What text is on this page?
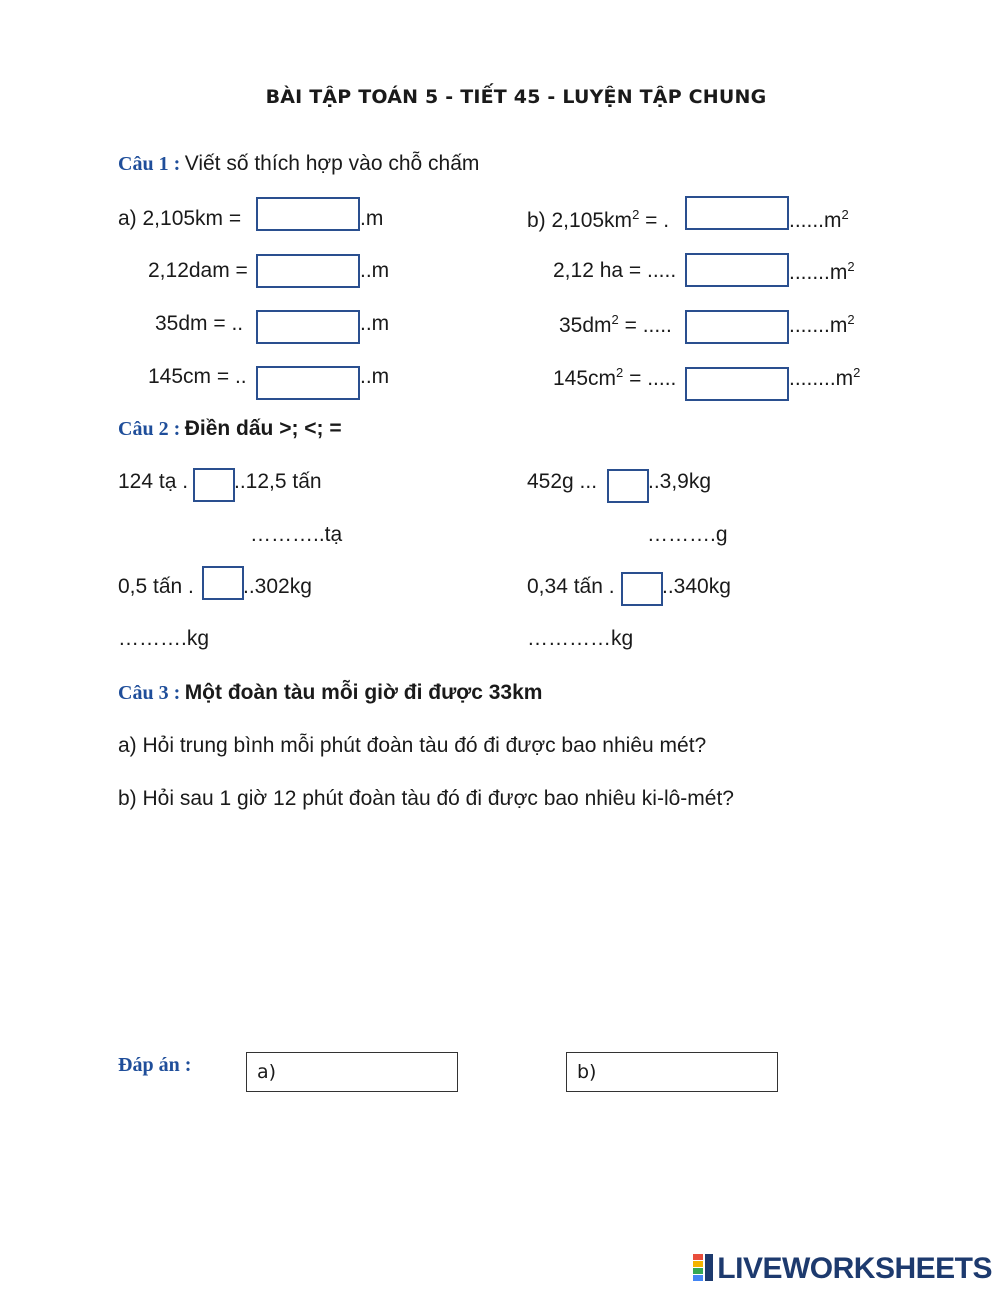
BÀI TẬP TOÁN 5 - TIẾT 45 - LUYỆN TẬP CHUNG
Câu 1 : Viết số thích hợp vào chỗ chấm
a) 2,105km =	.m
2,12dam =	..m
35dm = ..	..m
145cm = ..	..m
b) $2,105km^2$ = .	$......m^2$
2,12 ha = .....	$.......m^2$
$35dm^2$ = .....	$.......m^2$
$145cm^2$ = .....	$........m^2$
Câu 2 : Điền dấu >; <; =
124 tạ . ..12,5 tấn
………..tạ
452g ... ..3,9kg
……….g
0,5 tấn . ..302kg
……….kg
0,34 tấn . ..340kg
…………kg
Câu 3 : Một đoàn tàu mỗi giờ đi được 33km
a) Hỏi trung bình mỗi phút đoàn tàu đó đi được bao nhiêu mét?
b) Hỏi sau 1 giờ 12 phút đoàn tàu đó đi được bao nhiêu ki-lô-mét?
Đáp án :	a)	b)
LIVEWORKSHEETS
